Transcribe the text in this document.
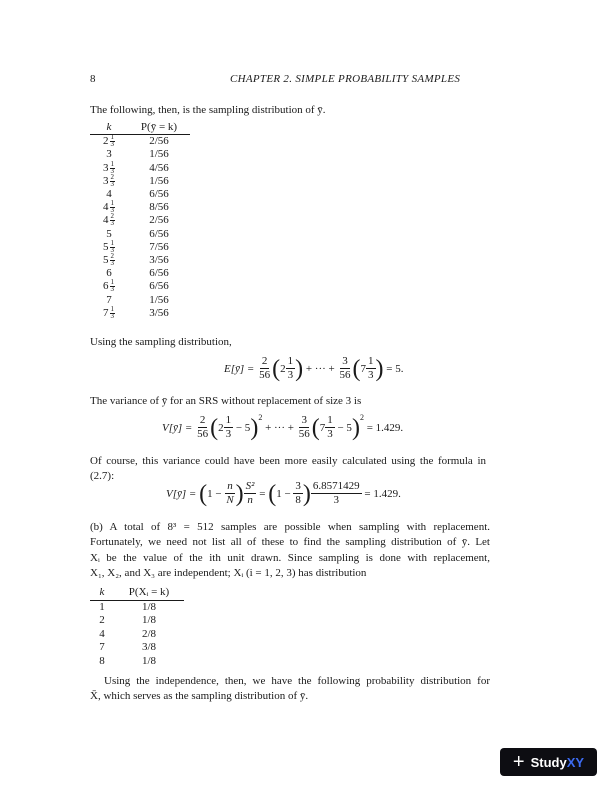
8	CHAPTER 2. SIMPLE PROBABILITY SAMPLES
The following, then, is the sampling distribution of ȳ.
k	P(ȳ = k)
$2 \frac{1}{3}$	2/56
3	1/56
$3 \frac{1}{3}$	4/56
$3 \frac{2}{3}$	1/56
4	6/56
$4 \frac{1}{3}$	8/56
$4 \frac{2}{3}$	2/56
5	6/56
$5 \frac{1}{3}$	7/56
$5 \frac{2}{3}$	3/56
6	6/56
$6 \frac{1}{3}$	6/56
7	1/56
$7 \frac{1}{3}$	3/56
Using the sampling distribution,
E[ȳ] =
$\frac{2}{56}$ ( $2 \frac{1}{3}$ )
+ ··· +
$\frac{3}{56}$ ( $7 \frac{1}{3}$ )
= 5.
The variance of ȳ for an SRS without replacement of size 3 is
V[ȳ] =
$\frac{2}{56}$ ( $2 \frac{1}{3}$
− 5 )$^2$

+ ··· +
$\frac{3}{56}$ ( $7 \frac{1}{3}$
− 5 )$^2$

= 1.429.
Of course, this variance could have been more easily calculated using the formula in (2.7):
V[ȳ] =
( 1 −
$\frac{n}{N}$ ) $\frac{\text{S²}}{n}$
=
( 1 −
$\frac{3}{8}$ ) $\frac{6.8571429}{3}$
= 1.429.
(b) A total of 8³ = 512 samples are possible when sampling with replacement.
Fortunately, we need not list all of these to find the sampling distribution of ȳ. Let
Xᵢ be the value of the ith unit drawn. Since sampling is done with replacement,
X₁, X₂, and X₃ are independent; Xᵢ (i = 1, 2, 3) has distribution
k	P(Xᵢ = k)
1	1/8
2	1/8
4	2/8
7	3/8
8	1/8
Using the independence, then, we have the following probability distribution for
X̄, which serves as the sampling distribution of ȳ.
+ Study XY
